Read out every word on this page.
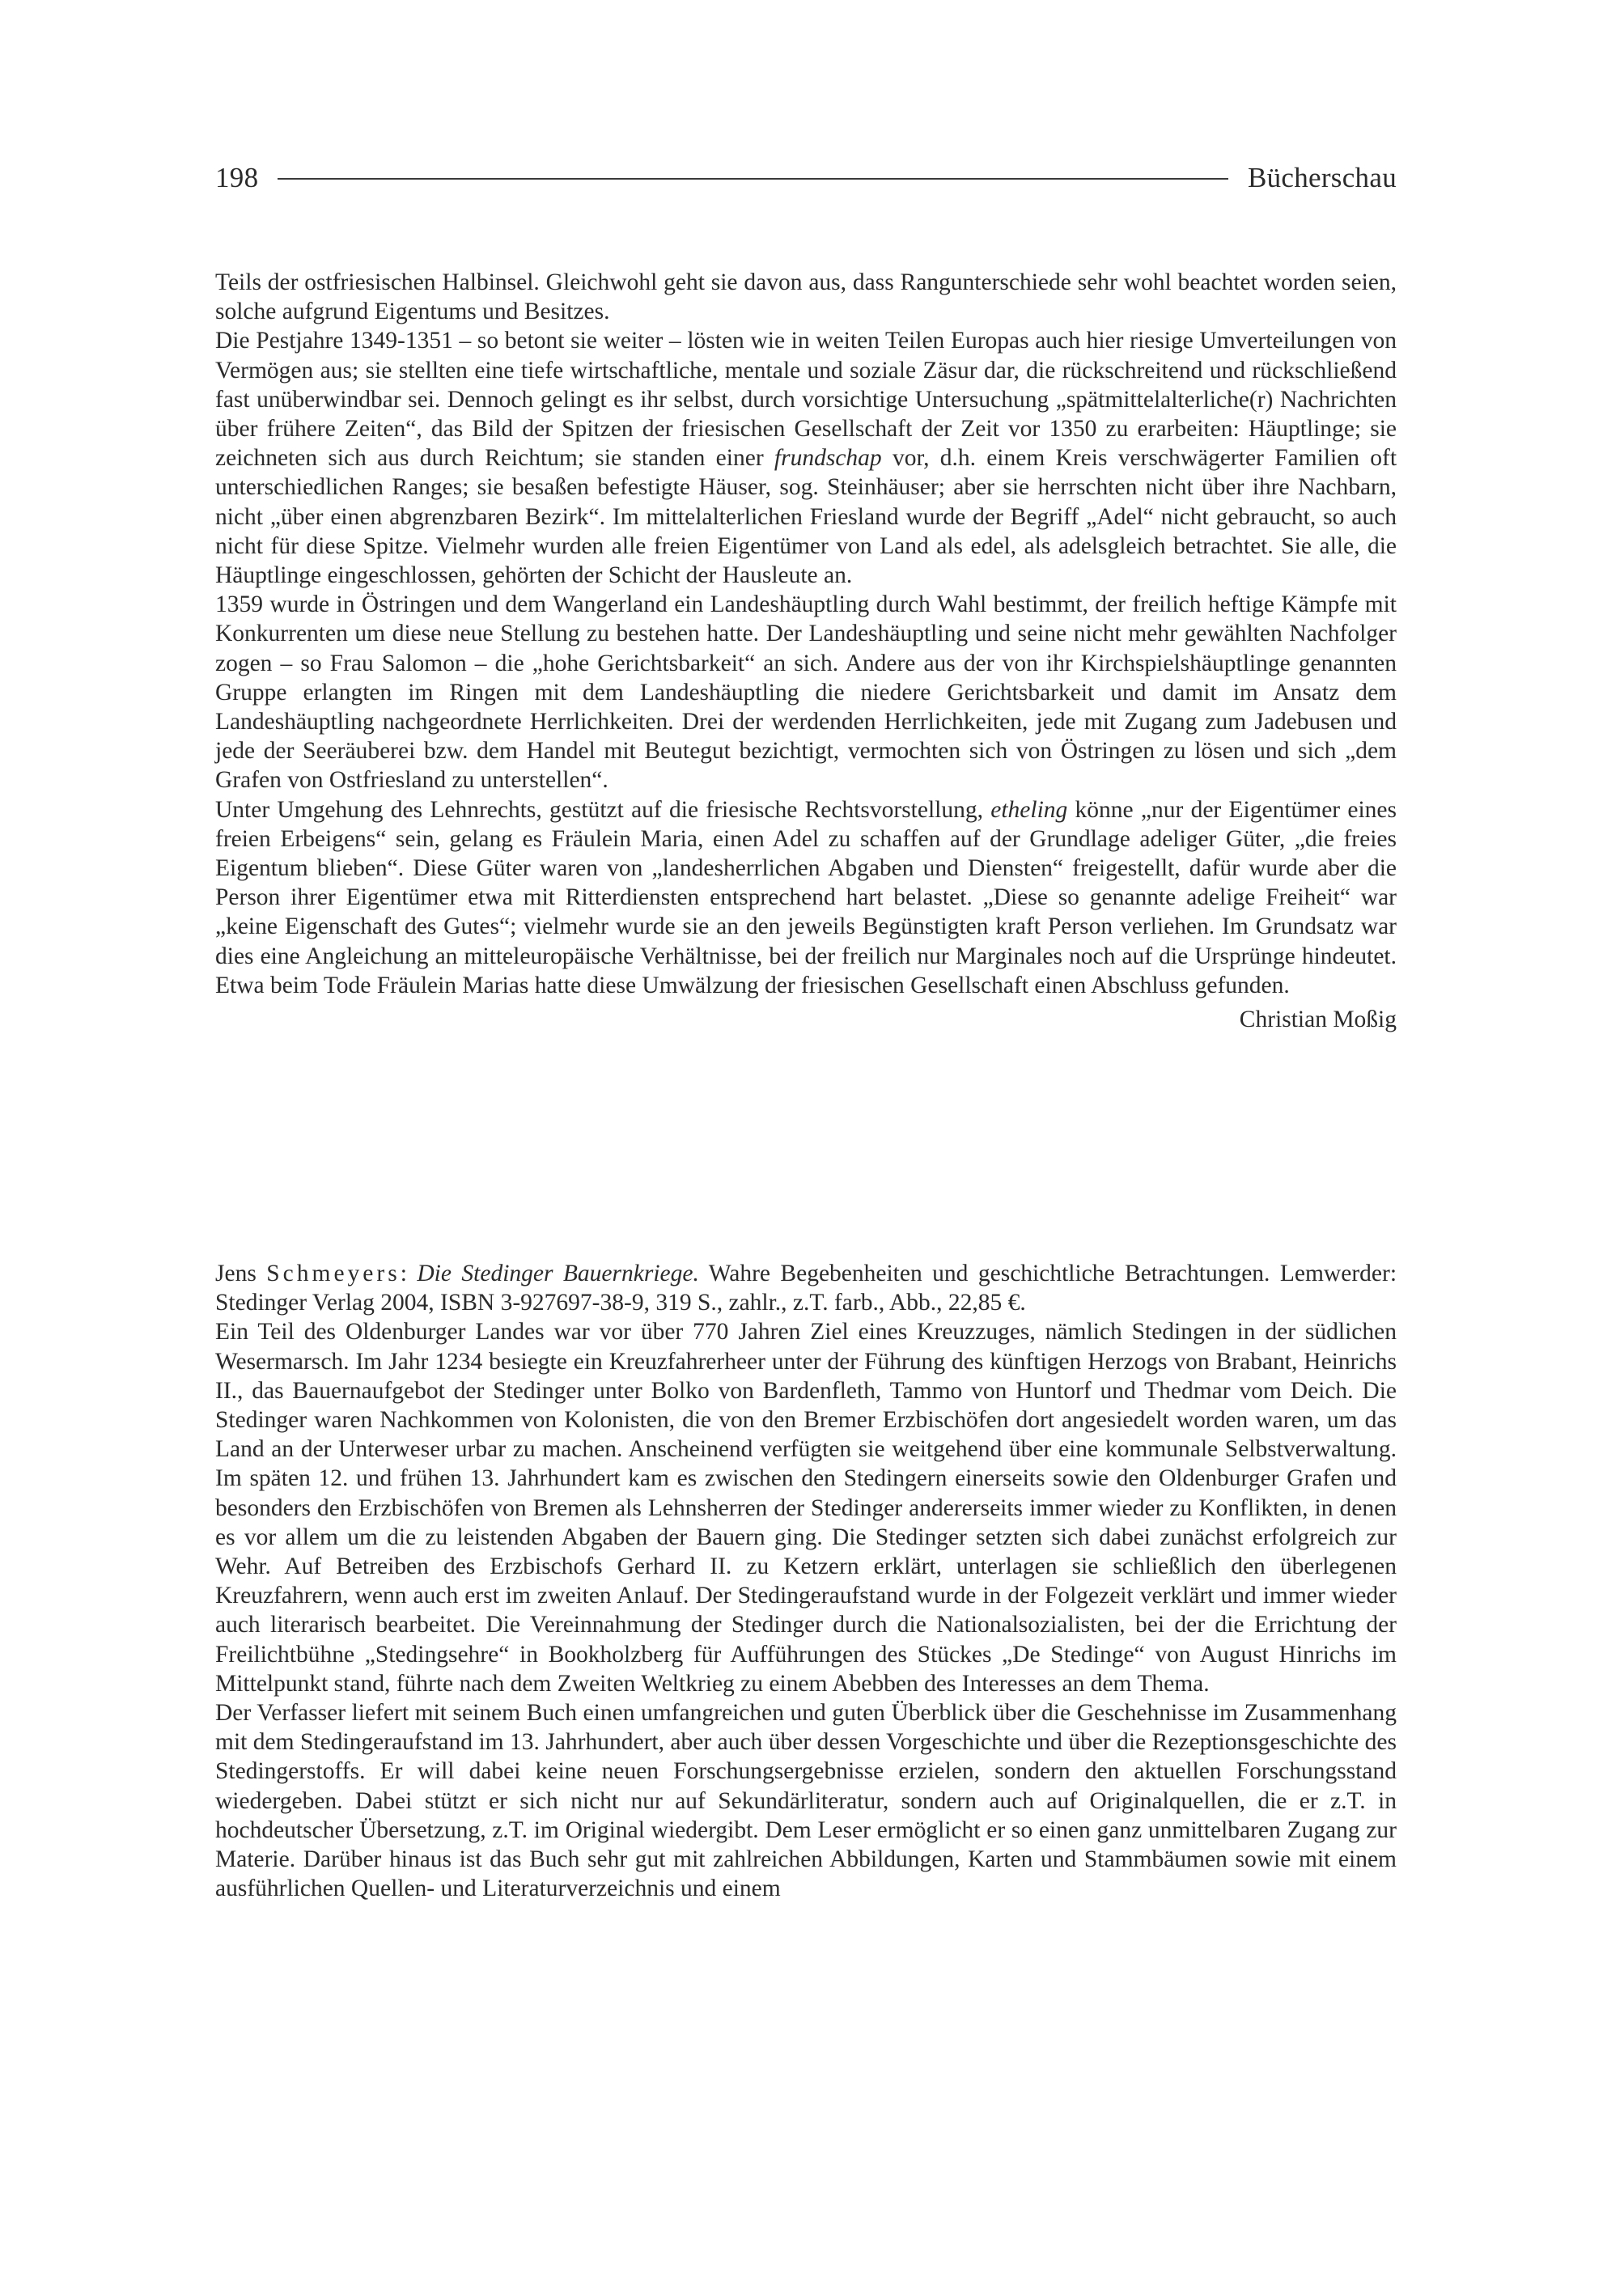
198	Bücherschau

Teils der ostfriesischen Halbinsel. Gleichwohl geht sie davon aus, dass Rangunterschiede sehr wohl beachtet worden seien, solche aufgrund Eigentums und Besitzes.

Die Pestjahre 1349-1351 – so betont sie weiter – lösten wie in weiten Teilen Europas auch hier riesige Umverteilungen von Vermögen aus; sie stellten eine tiefe wirtschaftliche, mentale und soziale Zäsur dar, die rückschreitend und rückschließend fast unüberwindbar sei. Dennoch gelingt es ihr selbst, durch vorsichtige Untersuchung „spätmittelalterliche(r) Nachrichten über frühere Zeiten“, das Bild der Spitzen der friesischen Gesellschaft der Zeit vor 1350 zu erarbeiten: Häuptlinge; sie zeichneten sich aus durch Reichtum; sie standen einer frundschap vor, d.h. einem Kreis verschwägerter Familien oft unterschiedlichen Ranges; sie besaßen befestigte Häuser, sog. Steinhäuser; aber sie herrschten nicht über ihre Nachbarn, nicht „über einen abgrenzbaren Bezirk“. Im mittelalterlichen Friesland wurde der Begriff „Adel“ nicht gebraucht, so auch nicht für diese Spitze. Vielmehr wurden alle freien Eigentümer von Land als edel, als adelsgleich betrachtet. Sie alle, die Häuptlinge eingeschlossen, gehörten der Schicht der Hausleute an.

1359 wurde in Östringen und dem Wangerland ein Landeshäuptling durch Wahl bestimmt, der freilich heftige Kämpfe mit Konkurrenten um diese neue Stellung zu bestehen hatte. Der Landeshäuptling und seine nicht mehr gewählten Nachfolger zogen – so Frau Salomon – die „hohe Gerichtsbarkeit“ an sich. Andere aus der von ihr Kirchspielshäuptlinge genannten Gruppe erlangten im Ringen mit dem Landeshäuptling die niedere Gerichtsbarkeit und damit im Ansatz dem Landeshäuptling nachgeordnete Herrlichkeiten. Drei der werdenden Herrlichkeiten, jede mit Zugang zum Jadebusen und jede der Seeräuberei bzw. dem Handel mit Beutegut bezichtigt, vermochten sich von Östringen zu lösen und sich „dem Grafen von Ostfriesland zu unterstellen“.

Unter Umgehung des Lehnrechts, gestützt auf die friesische Rechtsvorstellung, etheling könne „nur der Eigentümer eines freien Erbeigens“ sein, gelang es Fräulein Maria, einen Adel zu schaffen auf der Grundlage adeliger Güter, „die freies Eigentum blieben“. Diese Güter waren von „landesherrlichen Abgaben und Diensten“ freigestellt, dafür wurde aber die Person ihrer Eigentümer etwa mit Ritterdiensten entsprechend hart belastet. „Diese so genannte adelige Freiheit“ war „keine Eigenschaft des Gutes“; vielmehr wurde sie an den jeweils Begünstigten kraft Person verliehen. Im Grundsatz war dies eine Angleichung an mitteleuropäische Verhältnisse, bei der freilich nur Marginales noch auf die Ursprünge hindeutet. Etwa beim Tode Fräulein Marias hatte diese Umwälzung der friesischen Gesellschaft einen Abschluss gefunden.

Christian Moßig

Jens Schmeyers: Die Stedinger Bauernkriege. Wahre Begebenheiten und geschichtliche Betrachtungen. Lemwerder: Stedinger Verlag 2004, ISBN 3-927697-38-9, 319 S., zahlr., z.T. farb., Abb., 22,85 €.

Ein Teil des Oldenburger Landes war vor über 770 Jahren Ziel eines Kreuzzuges, nämlich Stedingen in der südlichen Wesermarsch. Im Jahr 1234 besiegte ein Kreuzfahrerheer unter der Führung des künftigen Herzogs von Brabant, Heinrichs II., das Bauernaufgebot der Stedinger unter Bolko von Bardenfleth, Tammo von Huntorf und Thedmar vom Deich. Die Stedinger waren Nachkommen von Kolonisten, die von den Bremer Erzbischöfen dort angesiedelt worden waren, um das Land an der Unterweser urbar zu machen. Anscheinend verfügten sie weitgehend über eine kommunale Selbstverwaltung. Im späten 12. und frühen 13. Jahrhundert kam es zwischen den Stedingern einerseits sowie den Oldenburger Grafen und besonders den Erzbischöfen von Bremen als Lehnsherren der Stedinger andererseits immer wieder zu Konflikten, in denen es vor allem um die zu leistenden Abgaben der Bauern ging. Die Stedinger setzten sich dabei zunächst erfolgreich zur Wehr. Auf Betreiben des Erzbischofs Gerhard II. zu Ketzern erklärt, unterlagen sie schließlich den überlegenen Kreuzfahrern, wenn auch erst im zweiten Anlauf. Der Stedingeraufstand wurde in der Folgezeit verklärt und immer wieder auch literarisch bearbeitet. Die Vereinnahmung der Stedinger durch die Nationalsozialisten, bei der die Errichtung der Freilichtbühne „Stedingsehre“ in Bookholzberg für Aufführungen des Stückes „De Stedinge“ von August Hinrichs im Mittelpunkt stand, führte nach dem Zweiten Weltkrieg zu einem Abebben des Interesses an dem Thema.

Der Verfasser liefert mit seinem Buch einen umfangreichen und guten Überblick über die Geschehnisse im Zusammenhang mit dem Stedingeraufstand im 13. Jahrhundert, aber auch über dessen Vorgeschichte und über die Rezeptionsgeschichte des Stedingerstoffs. Er will dabei keine neuen Forschungsergebnisse erzielen, sondern den aktuellen Forschungsstand wiedergeben. Dabei stützt er sich nicht nur auf Sekundärliteratur, sondern auch auf Originalquellen, die er z.T. in hochdeutscher Übersetzung, z.T. im Original wiedergibt. Dem Leser ermöglicht er so einen ganz unmittelbaren Zugang zur Materie. Darüber hinaus ist das Buch sehr gut mit zahlreichen Abbildungen, Karten und Stammbäumen sowie mit einem ausführlichen Quellen- und Literaturverzeichnis und einem
